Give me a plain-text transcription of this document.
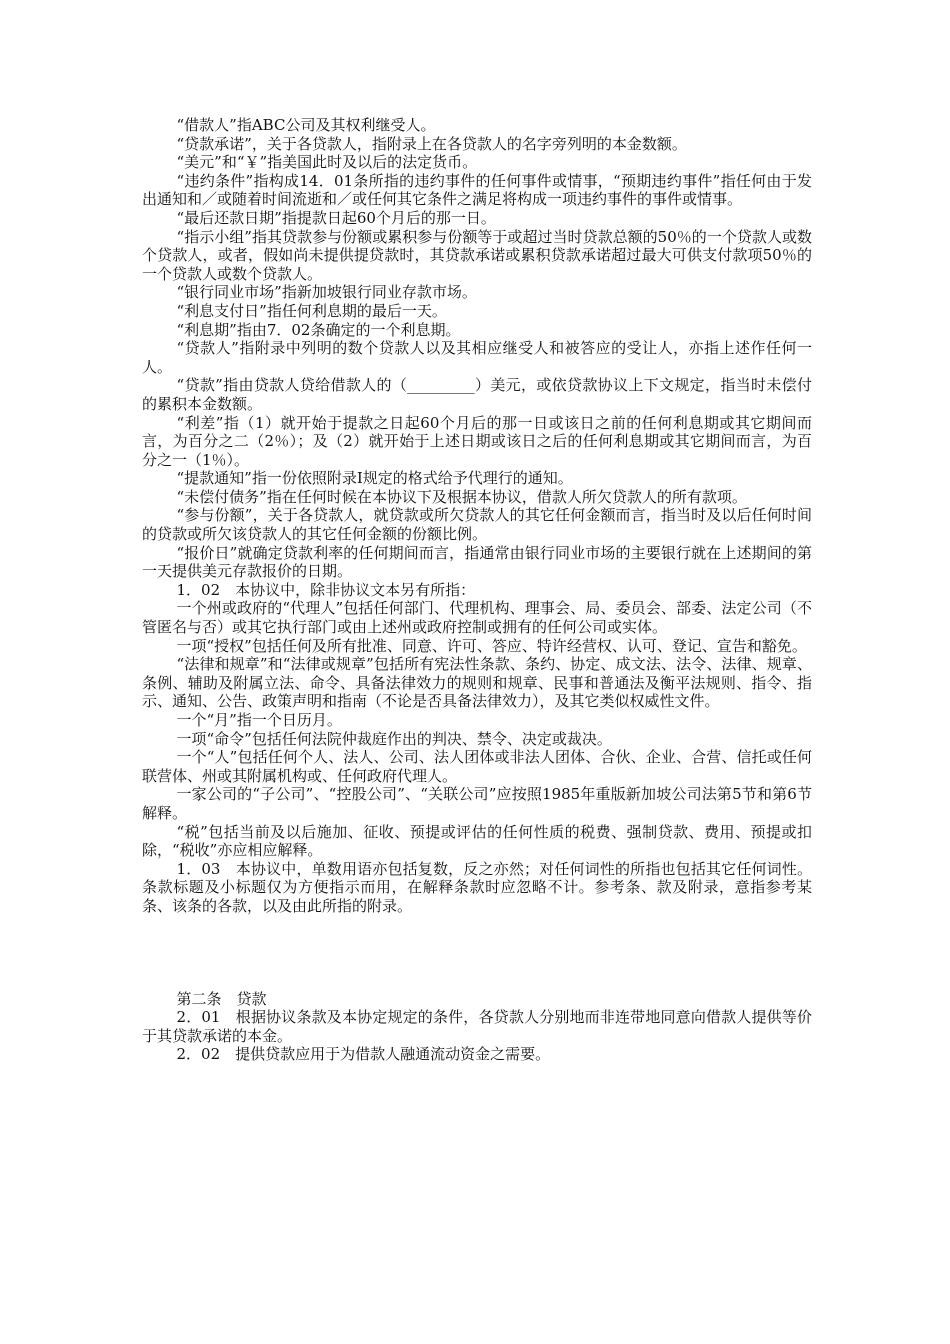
“借款人”指ABC公司及其权利继受人。

“贷款承诺”，关于各贷款人，指附录上在各贷款人的名字旁列明的本金数额。

“美元”和“￥”指美国此时及以后的法定货币。

“违约条件”指构成14．01条所指的违约事件的任何事件或情事，“预期违约事件”指任何由于发出通知和／或随着时间流逝和／或任何其它条件之满足将构成一项违约事件的事件或情事。

“最后还款日期”指提款日起60个月后的那一日。

“指示小组”指其贷款参与份额或累积参与份额等于或超过当时贷款总额的50％的一个贷款人或数个贷款人，或者，假如尚未提供提贷款时，其贷款承诺或累积贷款承诺超过最大可供支付款项50％的一个贷款人或数个贷款人。

“银行同业市场”指新加坡银行同业存款市场。

“利息支付日”指任何利息期的最后一天。

“利息期”指由7．02条确定的一个利息期。

“贷款人”指附录中列明的数个贷款人以及其相应继受人和被答应的受让人，亦指上述作任何一人。

“贷款”指由贷款人贷给借款人的（_________）美元，或依贷款协议上下文规定，指当时未偿付的累积本金数额。

“利差”指（1）就开始于提款之日起60个月后的那一日或该日之前的任何利息期或其它期间而言，为百分之二（2％）；及（2）就开始于上述日期或该日之后的任何利息期或其它期间而言，为百分之一（1％）。

“提款通知”指一份依照附录I规定的格式给予代理行的通知。

“未偿付债务”指在任何时候在本协议下及根据本协议，借款人所欠贷款人的所有款项。

“参与份额”，关于各贷款人，就贷款或所欠贷款人的其它任何金额而言，指当时及以后任何时间的贷款或所欠该贷款人的其它任何金额的份额比例。

“报价日”就确定贷款利率的任何期间而言，指通常由银行同业市场的主要银行就在上述期间的第一天提供美元存款报价的日期。

1．02　本协议中，除非协议文本另有所指：

一个州或政府的“代理人”包括任何部门、代理机构、理事会、局、委员会、部委、法定公司（不管匿名与否）或其它执行部门或由上述州或政府控制或拥有的任何公司或实体。

一项“授权”包括任何及所有批准、同意、许可、答应、特许经营权、认可、登记、宣告和豁免。

“法律和规章”和“法律或规章”包括所有宪法性条款、条约、协定、成文法、法令、法律、规章、条例、辅助及附属立法、命令、具备法律效力的规则和规章、民事和普通法及衡平法规则、指令、指示、通知、公告、政策声明和指南（不论是否具备法律效力），及其它类似权威性文件。

一个“月”指一个日历月。

一项“命令”包括任何法院仲裁庭作出的判决、禁令、决定或裁决。

一个“人”包括任何个人、法人、公司、法人团体或非法人团体、合伙、企业、合营、信托或任何联营体、州或其附属机构或、任何政府代理人。

一家公司的“子公司”、“控股公司”、“关联公司”应按照1985年重版新加坡公司法第5节和第6节解释。

“税”包括当前及以后施加、征收、预提或评估的任何性质的税费、强制贷款、费用、预提或扣除，“税收”亦应相应解释。

1．03　本协议中，单数用语亦包括复数，反之亦然；对任何词性的所指也包括其它任何词性。条款标题及小标题仅为方便指示而用，在解释条款时应忽略不计。参考条、款及附录，意指参考某条、该条的各款，以及由此所指的附录。

第二条　贷款

2．01　根据协议条款及本协定规定的条件，各贷款人分别地而非连带地同意向借款人提供等价于其贷款承诺的本金。

2．02　提供贷款应用于为借款人融通流动资金之需要。
